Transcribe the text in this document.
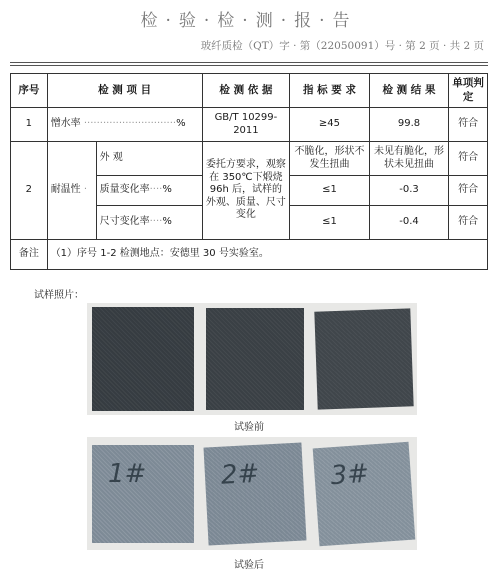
检·验·检·测·报·告
玻纤质检（QT）字 · 第（22050091）号 · 第 2 页 · 共 2 页
序号	检 测 项 目		检 测 依 据	指 标 要 求	检 测 结 果	单项判定
1	憎水率 ·····························%		GB/T 10299-2011	≥45	99.8	符合
2	耐温性 ·	外 观	委托方要求，观察在 350℃下煅烧 96h 后，试样的外观、质量、尺寸变化	不脆化，形状不发生扭曲	未见有脆化，形状未见扭曲	符合
		质量变化率····%		≤1	-0.3	符合
		尺寸变化率····%		≤1	-0.4	符合
备注	（1）序号 1-2 检测地点：安德里 30 号实验室。					
试样照片：
试验前
1#	2#	3#
试验后
